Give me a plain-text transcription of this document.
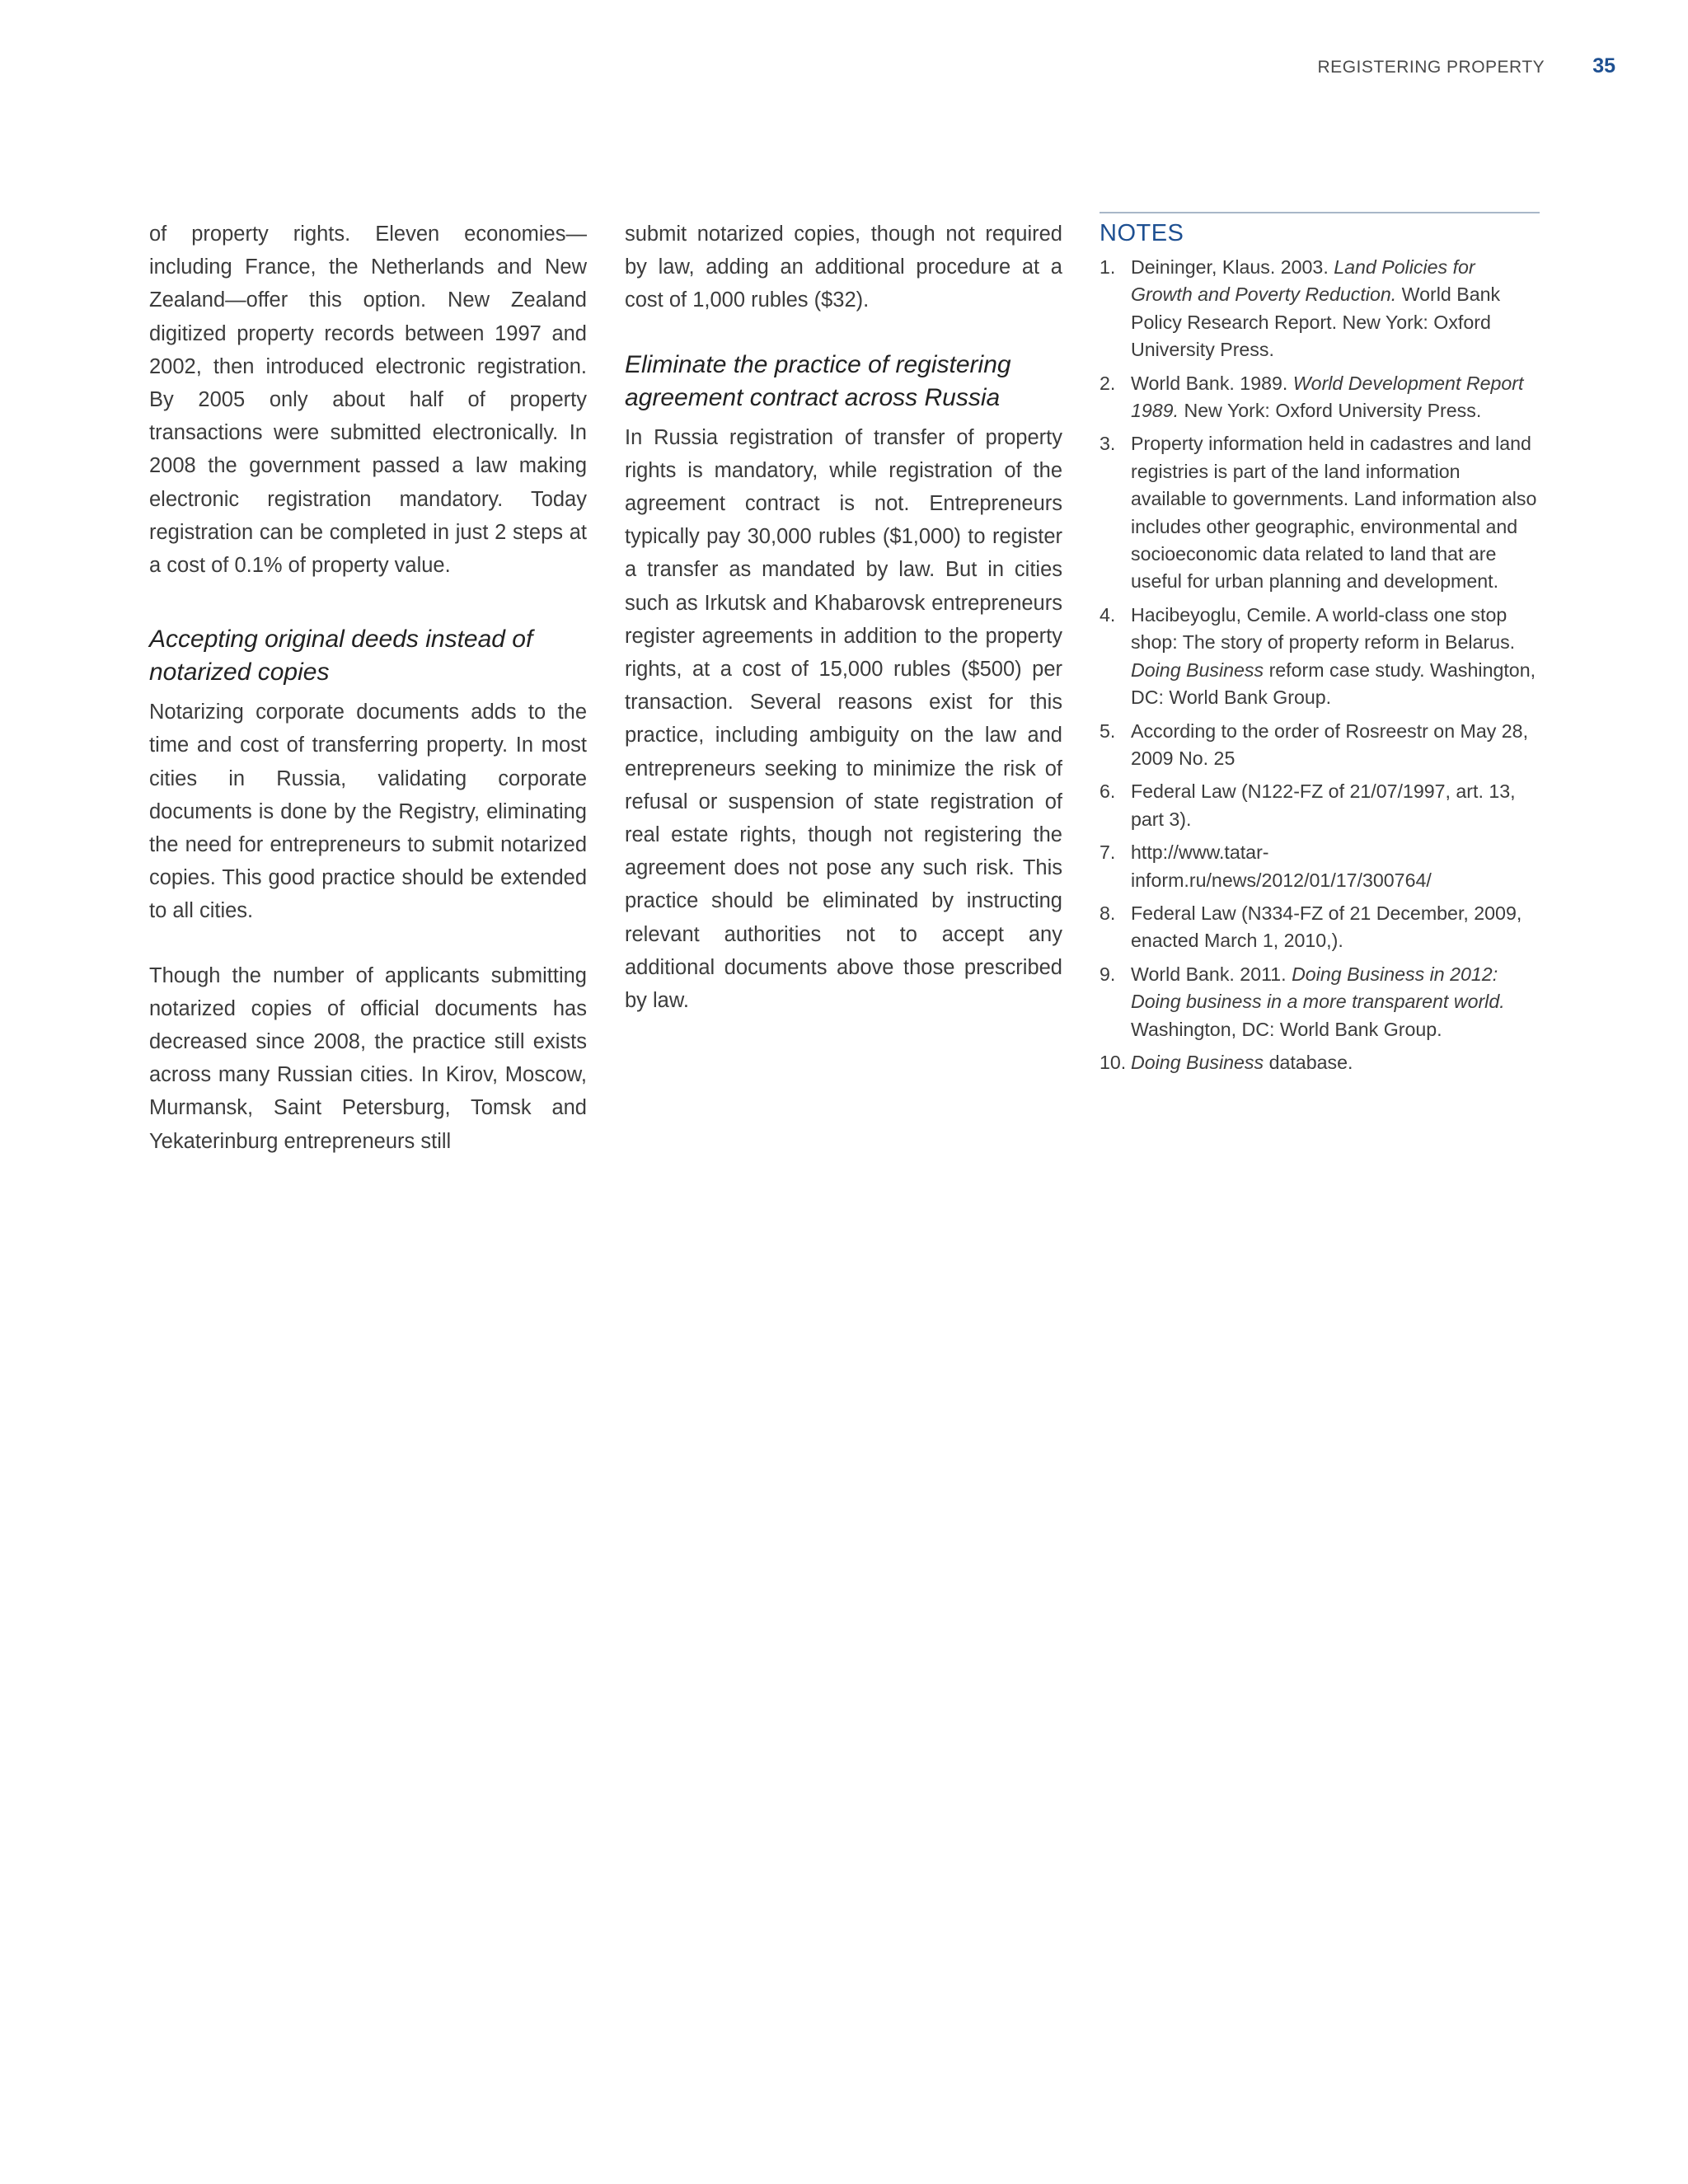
REGISTERING PROPERTY 35

of property rights. Eleven economies—including France, the Netherlands and New Zealand—offer this option. New Zealand digitized property records between 1997 and 2002, then introduced electronic registration. By 2005 only about half of property transactions were submitted electronically. In 2008 the government passed a law making electronic registration mandatory. Today registration can be completed in just 2 steps at a cost of 0.1% of property value.

Accepting original deeds instead of notarized copies

Notarizing corporate documents adds to the time and cost of transferring property. In most cities in Russia, validating corporate documents is done by the Registry, eliminating the need for entrepreneurs to submit notarized copies. This good practice should be extended to all cities.

Though the number of applicants submitting notarized copies of official documents has decreased since 2008, the practice still exists across many Russian cities. In Kirov, Moscow, Murmansk, Saint Petersburg, Tomsk and Yekaterinburg entrepreneurs still

submit notarized copies, though not required by law, adding an additional procedure at a cost of 1,000 rubles ($32).

Eliminate the practice of registering agreement contract across Russia

In Russia registration of transfer of property rights is mandatory, while registration of the agreement contract is not. Entrepreneurs typically pay 30,000 rubles ($1,000) to register a transfer as mandated by law. But in cities such as Irkutsk and Khabarovsk entrepreneurs register agreements in addition to the property rights, at a cost of 15,000 rubles ($500) per transaction. Several reasons exist for this practice, including ambiguity on the law and entrepreneurs seeking to minimize the risk of refusal or suspension of state registration of real estate rights, though not registering the agreement does not pose any such risk. This practice should be eliminated by instructing relevant authorities not to accept any additional documents above those prescribed by law.

NOTES
1. Deininger, Klaus. 2003. Land Policies for Growth and Poverty Reduction. World Bank Policy Research Report. New York: Oxford University Press.
2. World Bank. 1989. World Development Report 1989. New York: Oxford University Press.
3. Property information held in cadastres and land registries is part of the land information available to governments. Land information also includes other geographic, environmental and socioeconomic data related to land that are useful for urban planning and development.
4. Hacibeyoglu, Cemile. A world-class one stop shop: The story of property reform in Belarus. Doing Business reform case study. Washington, DC: World Bank Group.
5. According to the order of Rosreestr on May 28, 2009 No. 25
6. Federal Law (N122-FZ of 21/07/1997, art. 13, part 3).
7. http://www.tatar-inform.ru/news/2012/01/17/300764/
8. Federal Law (N334-FZ of 21 December, 2009, enacted March 1, 2010,).
9. World Bank. 2011. Doing Business in 2012: Doing business in a more transparent world. Washington, DC: World Bank Group.
10. Doing Business database.
